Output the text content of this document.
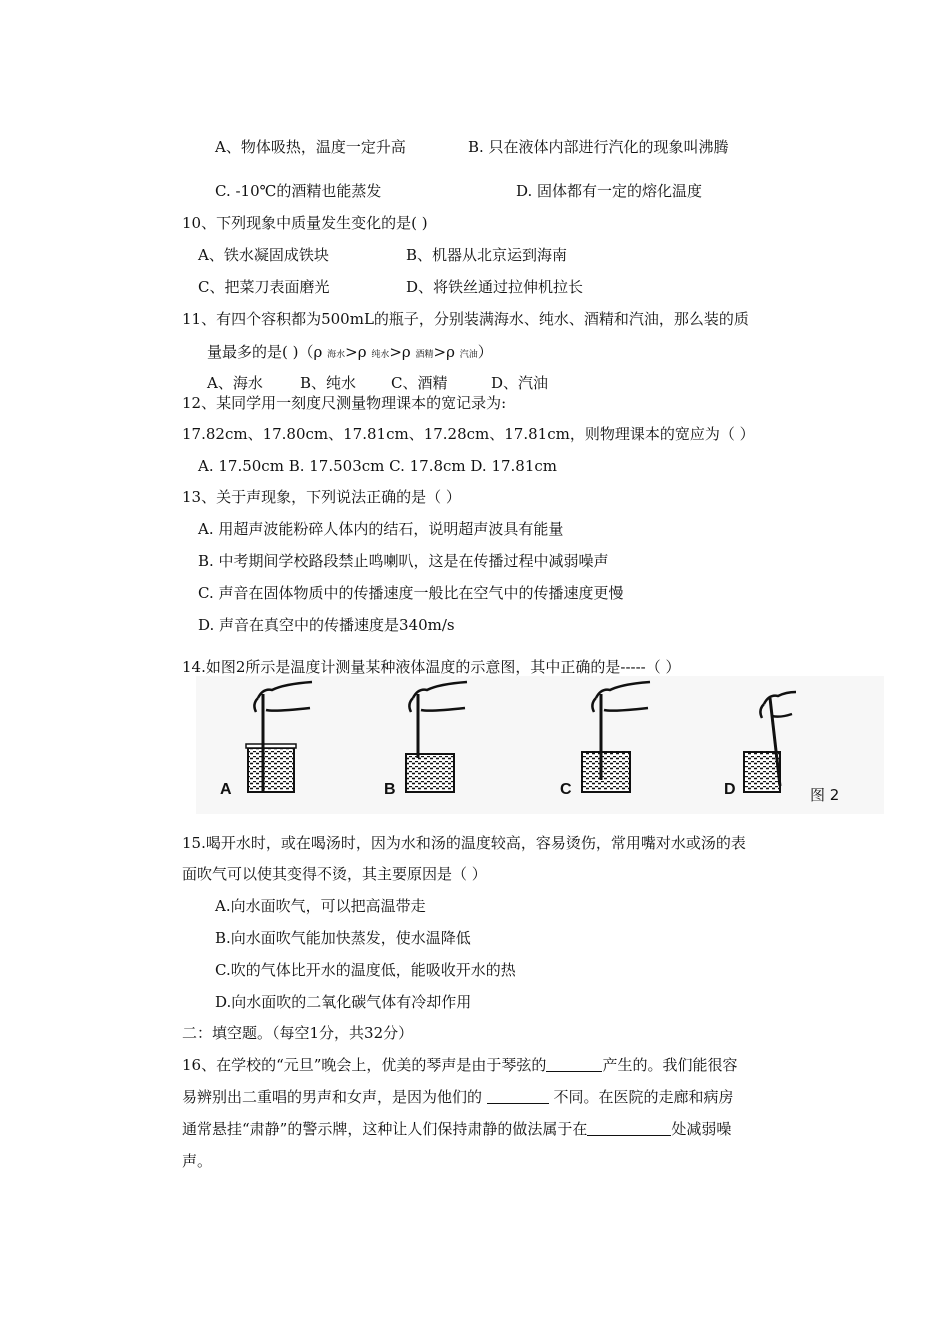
A、物体吸热，温度一定升高	B. 只在液体内部进行汽化的现象叫沸腾
C. -10℃的酒精也能蒸发	D. 固体都有一定的熔化温度
10、下列现象中质量发生变化的是( )
A、铁水凝固成铁块	B、机器从北京运到海南
C、把菜刀表面磨光	D、将铁丝通过拉伸机拉长
11、有四个容积都为500mL的瓶子，分别装满海水、纯水、酒精和汽油，那么装的质
量最多的是( )（ρ 海水>ρ 纯水>ρ 酒精>ρ 汽油）
A、海水 B、纯水 C、酒精	D、汽油
12、某同学用一刻度尺测量物理课本的宽记录为:
17.82cm、17.80cm、17.81cm、17.28cm、17.81cm，则物理课本的宽应为（ ）
A. 17.50cm B. 17.503cm C. 17.8cm D. 17.81cm
13、关于声现象，下列说法正确的是（ ）
A. 用超声波能粉碎人体内的结石，说明超声波具有能量
B. 中考期间学校路段禁止鸣喇叭，这是在传播过程中减弱噪声
C. 声音在固体物质中的传播速度一般比在空气中的传播速度更慢
D. 声音在真空中的传播速度是340m/s
14.如图2所示是温度计测量某种液体温度的示意图，其中正确的是-----（ ）
A	B	C	D	图 2
15.喝开水时，或在喝汤时，因为水和汤的温度较高，容易烫伤，常用嘴对水或汤的表
面吹气可以使其变得不烫，其主要原因是（ ）
A.向水面吹气，可以把高温带走
B.向水面吹气能加快蒸发，使水温降低
C.吹的气体比开水的温度低，能吸收开水的热
D.向水面吹的二氧化碳气体有冷却作用
二：填空题。（每空1分，共32分）
16、在学校的“元旦”晚会上，优美的琴声是由于琴弦的	产生的。我们能很容
易辨别出二重唱的男声和女声，是因为他们的	不同。在医院的走廊和病房
通常悬挂“肃静”的警示牌，这种让人们保持肃静的做法属于在	处减弱噪
声。
